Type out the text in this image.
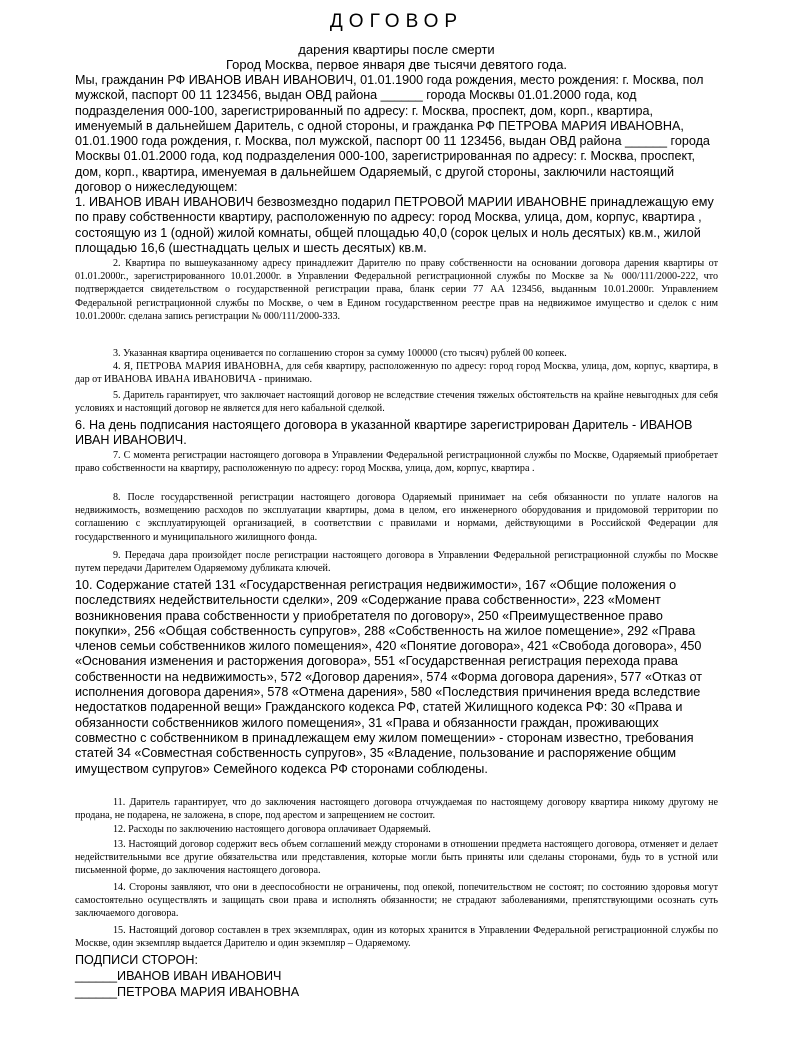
ДОГОВОР
дарения квартиры после смерти
Город Москва, первое января две тысячи девятого года.

Мы, гражданин РФ ИВАНОВ ИВАН ИВАНОВИЧ, 01.01.1900 года рождения, место рождения: г. Москва, пол мужской, паспорт 00 11 123456, выдан ОВД района ______ города Москвы 01.01.2000 года, код подразделения 000-100, зарегистрированный по адресу: г. Москва, проспект, дом, корп., квартира, именуемый в дальнейшем Даритель, с одной стороны, и гражданка РФ ПЕТРОВА МАРИЯ ИВАНОВНА, 01.01.1900 года рождения, г. Москва, пол мужской, паспорт 00 11 123456, выдан ОВД района ______ города Москвы 01.01.2000 года, код подразделения 000-100, зарегистрированная по адресу: г. Москва, проспект, дом, корп., квартира, именуемая в дальнейшем Одаряемый, с другой стороны, заключили настоящий договор о нижеследующем:

1. ИВАНОВ ИВАН ИВАНОВИЧ безвозмездно подарил ПЕТРОВОЙ МАРИИ ИВАНОВНЕ принадлежащую ему по праву собственности квартиру, расположенную по адресу: город Москва, улица, дом, корпус, квартира , состоящую из 1 (одной) жилой комнаты, общей площадью 40,0 (сорок целых и ноль десятых) кв.м., жилой площадью 16,6 (шестнадцать целых и шесть десятых) кв.м.

2. Квартира по вышеуказанному адресу принадлежит Дарителю по праву собственности на основании договора дарения квартиры от 01.01.2000г., зарегистрированного 10.01.2000г. в Управлении Федеральной регистрационной службы по Москве за № 000/111/2000-222, что подтверждается свидетельством о государственной регистрации права, бланк серии 77 АА 123456, выданным 10.01.2000г. Управлением Федеральной регистрационной службы по Москве, о чем в Едином государственном реестре прав на недвижимое имущество и сделок с ним 10.01.2000г. сделана запись регистрации № 000/111/2000-333.

3. Указанная квартира оценивается по соглашению сторон за сумму 100000 (сто тысяч) рублей 00 копеек.

4. Я, ПЕТРОВА МАРИЯ ИВАНОВНА, для себя квартиру, расположенную по адресу: город город Москва, улица, дом, корпус, квартира, в дар от ИВАНОВА ИВАНА ИВАНОВИЧА - принимаю.

5. Даритель гарантирует, что заключает настоящий договор не вследствие стечения тяжелых обстоятельств на крайне невыгодных для себя условиях и настоящий договор не является для него кабальной сделкой.

6. На день подписания настоящего договора в указанной квартире зарегистрирован Даритель - ИВАНОВ ИВАН ИВАНОВИЧ.

7. С момента регистрации настоящего договора в Управлении Федеральной регистрационной службы по Москве, Одаряемый приобретает право собственности на квартиру, расположенную по адресу: город Москва, улица, дом, корпус, квартира .

8. После государственной регистрации настоящего договора Одаряемый принимает на себя обязанности по уплате налогов на недвижимость, возмещению расходов по эксплуатации квартиры, дома в целом, его инженерного оборудования и придомовой территории по соглашению с эксплуатирующей организацией, в соответствии с правилами и нормами, действующими в Российской Федерации для государственного и муниципального жилищного фонда.

9. Передача дара произойдет после регистрации настоящего договора в Управлении Федеральной регистрационной службы по Москве путем передачи Дарителем Одаряемому дубликата ключей.

10. Содержание статей 131 «Государственная регистрация недвижимости», 167 «Общие положения о последствиях недействительности сделки», 209 «Содержание права собственности», 223 «Момент возникновения права собственности у приобретателя по договору», 250 «Преимущественное право покупки», 256 «Общая собственность супругов», 288 «Собственность на жилое помещение», 292 «Права членов семьи собственников жилого помещения», 420 «Понятие договора», 421 «Свобода договора», 450 «Основания изменения и расторжения договора», 551 «Государственная регистрация перехода права собственности на недвижимость», 572 «Договор дарения», 574 «Форма договора дарения», 577 «Отказ от исполнения договора дарения», 578 «Отмена дарения», 580 «Последствия причинения вреда вследствие недостатков подаренной вещи» Гражданского кодекса РФ, статей Жилищного кодекса РФ: 30 «Права и обязанности собственников жилого помещения», 31 «Права и обязанности граждан, проживающих совместно с собственником в принадлежащем ему жилом помещении» - сторонам известно, требования статей 34 «Совместная собственность супругов», 35 «Владение, пользование и распоряжение общим имуществом супругов» Семейного кодекса РФ сторонами соблюдены.

11. Даритель гарантирует, что до заключения настоящего договора отчуждаемая по настоящему договору квартира никому другому не продана, не подарена, не заложена, в споре, под арестом и запрещением не состоит.

12. Расходы по заключению настоящего договора оплачивает Одаряемый.

13. Настоящий договор содержит весь объем соглашений между сторонами в отношении предмета настоящего договора, отменяет и делает недействительными все другие обязательства или представления, которые могли быть приняты или сделаны сторонами, будь то в устной или письменной форме, до заключения настоящего договора.

14. Стороны заявляют, что они в дееспособности не ограничены, под опекой, попечительством не состоят; по состоянию здоровья могут самостоятельно осуществлять и защищать свои права и исполнять обязанности; не страдают заболеваниями, препятствующими осознать суть заключаемого договора.

15. Настоящий договор составлен в трех экземплярах, один из которых хранится в Управлении Федеральной регистрационной службы по Москве, один экземпляр выдается Дарителю и один экземпляр – Одаряемому.

ПОДПИСИ СТОРОН:
______ИВАНОВ ИВАН ИВАНОВИЧ
______ПЕТРОВА МАРИЯ ИВАНОВНА
